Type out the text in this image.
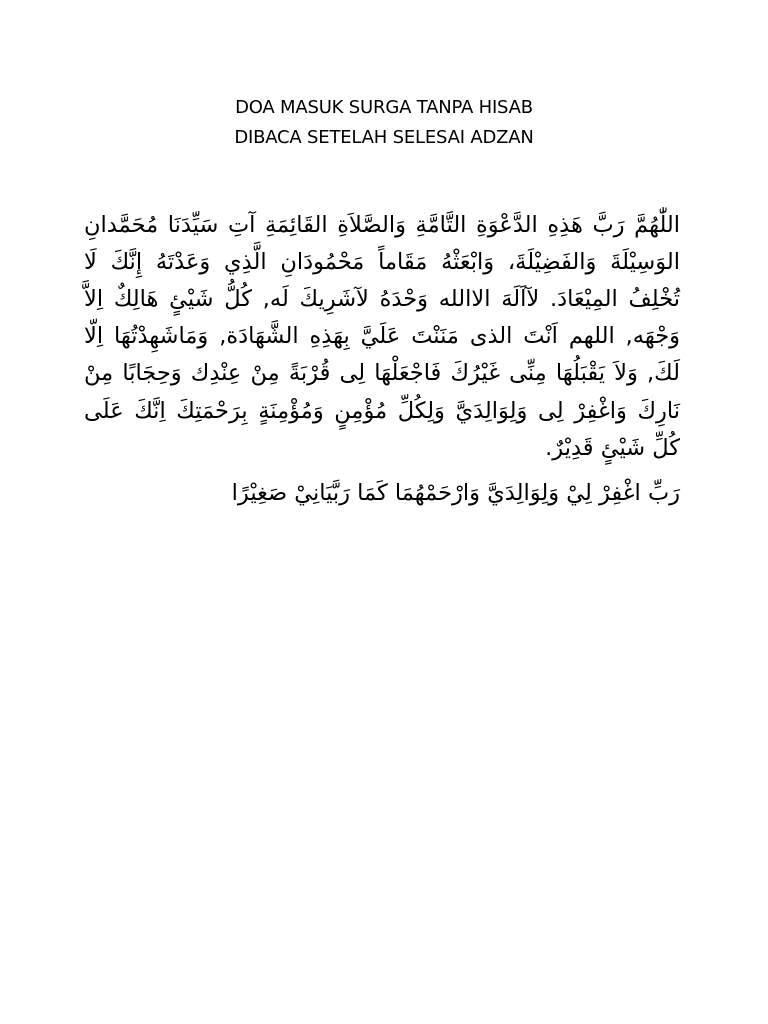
DOA MASUK SURGA TANPA HISAB
DIBACA SETELAH SELESAI ADZAN

اللّٰهُمَّ رَبَّ هَذِهِ الدَّعْوَةِ التَّامَّةِ وَالصَّلاَةِ القَائِمَةِ آتِ سَيِّدَنَا مُحَمَّدانِ الوَسِيْلَةَ وَالفَضِيْلَةَ، وَابْعَثْهُ مَقَاماً مَحْمُودَانِ الَّذِي وَعَدْتَهُ إِنَّكَ لَا تُخْلِفُ المِيْعَادَ. لآاَلَهَ الاالله وَحْدَهُ لآشَرِيكَ لَه, كُلُّ شَيْئٍ هَالِكٌ اِلاَّ وَجْهَه, اللهم اَنْتَ الذى مَنَنْتَ عَلَيَّ بِهَذِهِ الشَّهَادَة, وَمَاشَهِدْتُهَا اِلّا لَكَ, وَلاَ يَقْبَلُهَا مِنِّى غَيْرُكَ فَاجْعَلْهَا لِى قُرْبَةً مِنْ عِنْدِك وَحِجَابًا مِنْ نَارِكَ وَاغْفِرْ لِى وَلِوَالِدَيَّ وَلِكُلِّ مُؤْمِنٍ وَمُؤْمِنَةٍ بِرَحْمَتِكَ اِنَّكَ عَلَى كُلِّ شَيْئٍ قَدِيْرٌ.

رَبِّ اغْفِرْ لِيْ وَلِوَالِدَيَّ وَارْحَمْهُمَا كَمَا رَبَّيَانِيْ صَغِيْرًا
